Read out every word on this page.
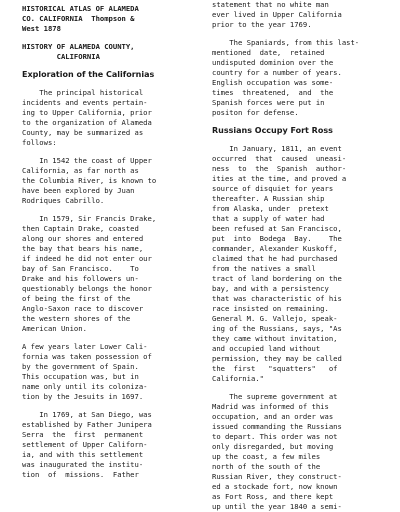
HISTORICAL ATLAS OF ALAMEDA
CO. CALIFORNIA  Thompson &
West 1878
HISTORY OF ALAMEDA COUNTY,
CALIFORNIA
Exploration of the Californias
The principal historical
incidents and events pertain-
ing to Upper California, prior
to the organization of Alameda
County, may be summarized as
follows:
In 1542 the coast of Upper
California, as far north as
the Columbia River, is known to
have been explored by Juan
Rodriques Cabrillo.
In 1579, Sir Francis Drake,
then Captain Drake, coasted
along our shores and entered
the bay that bears his name,
if indeed he did not enter our
bay of San Francisco.    To
Drake and his followers un-
questionably belongs the honor
of being the first of the
Anglo-Saxon race to discover
the western shores of the
American Union.
A few years later Lower Cali-
fornia was taken possession of
by the government of Spain.
This occupation was, but in
name only until its coloniza-
tion by the Jesuits in 1697.
In 1769, at San Diego, was
established by Father Junipera
Serra  the  first  permanent
settlement of Upper Californ-
ia, and with this settlement
was inaugurated the institu-
tion  of  missions.  Father
statement that no white man
ever lived in Upper California
prior to the year 1769.
The Spaniards, from this last-
mentioned  date,  retained
undisputed dominion over the
country for a number of years.
English occupation was some-
times  threatened,  and  the
Spanish forces were put in
positon for defense.
Russians Occupy Fort Ross
In January, 1811, an event
occurred  that  caused  uneasi-
ness  to  the  Spanish  author-
ities at the time, and proved a
source of disquiet for years
thereafter. A Russian ship
from Alaska, under  pretext
that a supply of water had
been refused at San Francisco,
put  into  Bodega  Bay.    The
commander, Alexander Kuskoff,
claimed that he had purchased
from the natives a small
tract of land bordering on the
bay, and with a persistency
that was characteristic of his
race insisted on remaining.
General M. G. Vallejo, speak-
ing of the Russians, says, "As
they came without invitation,
and occupied land without
permission, they may be called
the  first   "squatters"   of
California."
The supreme government at
Madrid was informed of this
occupation, and an order was
issued commanding the Russians
to depart. This order was not
only disregarded, but moving
up the coast, a few miles
north of the south of the
Russian River, they construct-
ed a stockade fort, now known
as Fort Ross, and there kept
up until the year 1840 a semi-
